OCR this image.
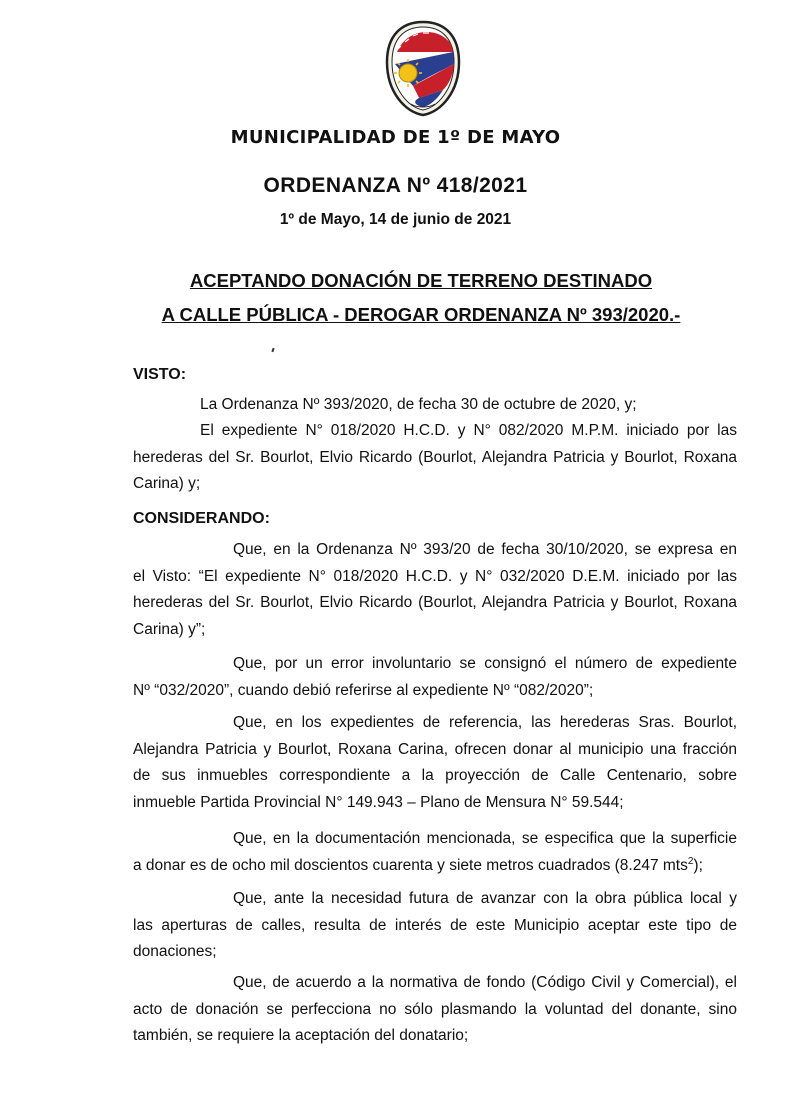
MUNICIPALIDAD DE 1º DE MAYO
ORDENANZA Nº 418/2021
1º de Mayo, 14 de junio de 2021
ACEPTANDO DONACIÓN DE TERRENO DESTINADO
A CALLE PÚBLICA - DEROGAR ORDENANZA Nº 393/2020.-
VISTO:
La Ordenanza Nº 393/2020, de fecha 30 de octubre de 2020, y;
El expediente N° 018/2020 H.C.D. y N° 082/2020 M.P.M. iniciado por las
herederas del Sr. Bourlot, Elvio Ricardo (Bourlot, Alejandra Patricia y Bourlot, Roxana
Carina) y;
CONSIDERANDO:
Que, en la Ordenanza Nº 393/20 de fecha 30/10/2020, se expresa en
el Visto: “El expediente N° 018/2020 H.C.D. y N° 032/2020 D.E.M. iniciado por las
herederas del Sr. Bourlot, Elvio Ricardo (Bourlot, Alejandra Patricia y Bourlot, Roxana
Carina) y”;
Que, por un error involuntario se consignó el número de expediente
Nº “032/2020”, cuando debió referirse al expediente Nº “082/2020”;
Que, en los expedientes de referencia, las herederas Sras. Bourlot,
Alejandra Patricia y Bourlot, Roxana Carina, ofrecen donar al municipio una fracción
de sus inmuebles correspondiente a la proyección de Calle Centenario, sobre
inmueble Partida Provincial N° 149.943 – Plano de Mensura N° 59.544;
Que, en la documentación mencionada, se especifica que la superficie
a donar es de ocho mil doscientos cuarenta y siete metros cuadrados (8.247 mts$^2$);
Que, ante la necesidad futura de avanzar con la obra pública local y
las aperturas de calles, resulta de interés de este Municipio aceptar este tipo de
donaciones;
Que, de acuerdo a la normativa de fondo (Código Civil y Comercial), el
acto de donación se perfecciona no sólo plasmando la voluntad del donante, sino
también, se requiere la aceptación del donatario;
